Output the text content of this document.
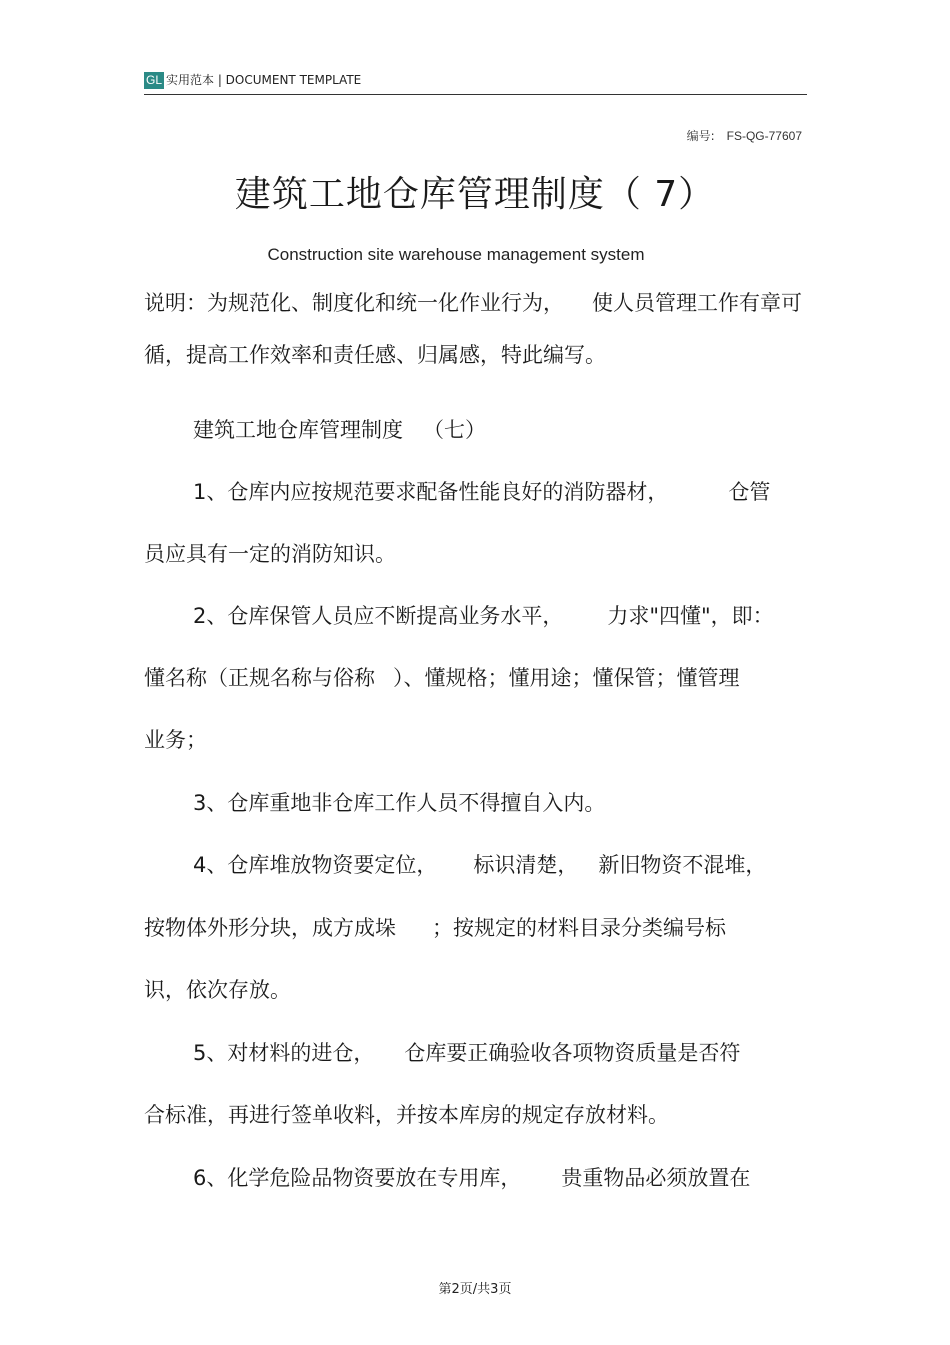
GL 实用范本 | DOCUMENT TEMPLATE
编号: FS-QG-77607
建筑工地仓库管理制度（ 7）
Construction site warehouse management system
说明：为规范化、制度化和统一化作业行为， 使人员管理工作有章可
循，提高工作效率和责任感、归属感，特此编写。
建筑工地仓库管理制度 （七）
1、仓库内应按规范要求配备性能良好的消防器材，	仓管
员应具有一定的消防知识。
2、仓库保管人员应不断提高业务水平， 力求"四懂"，即：
懂名称（正规名称与俗称 ）、懂规格；懂用途；懂保管；懂管理
业务；
3、仓库重地非仓库工作人员不得擅自入内。
4、仓库堆放物资要定位， 标识清楚， 新旧物资不混堆，
按物体外形分块，成方成垛 ；按规定的材料目录分类编号标
识，依次存放。
5、对材料的进仓， 仓库要正确验收各项物资质量是否符
合标准，再进行签单收料，并按本库房的规定存放材料。
6、化学危险品物资要放在专用库， 贵重物品必须放置在
第2页/共3页
